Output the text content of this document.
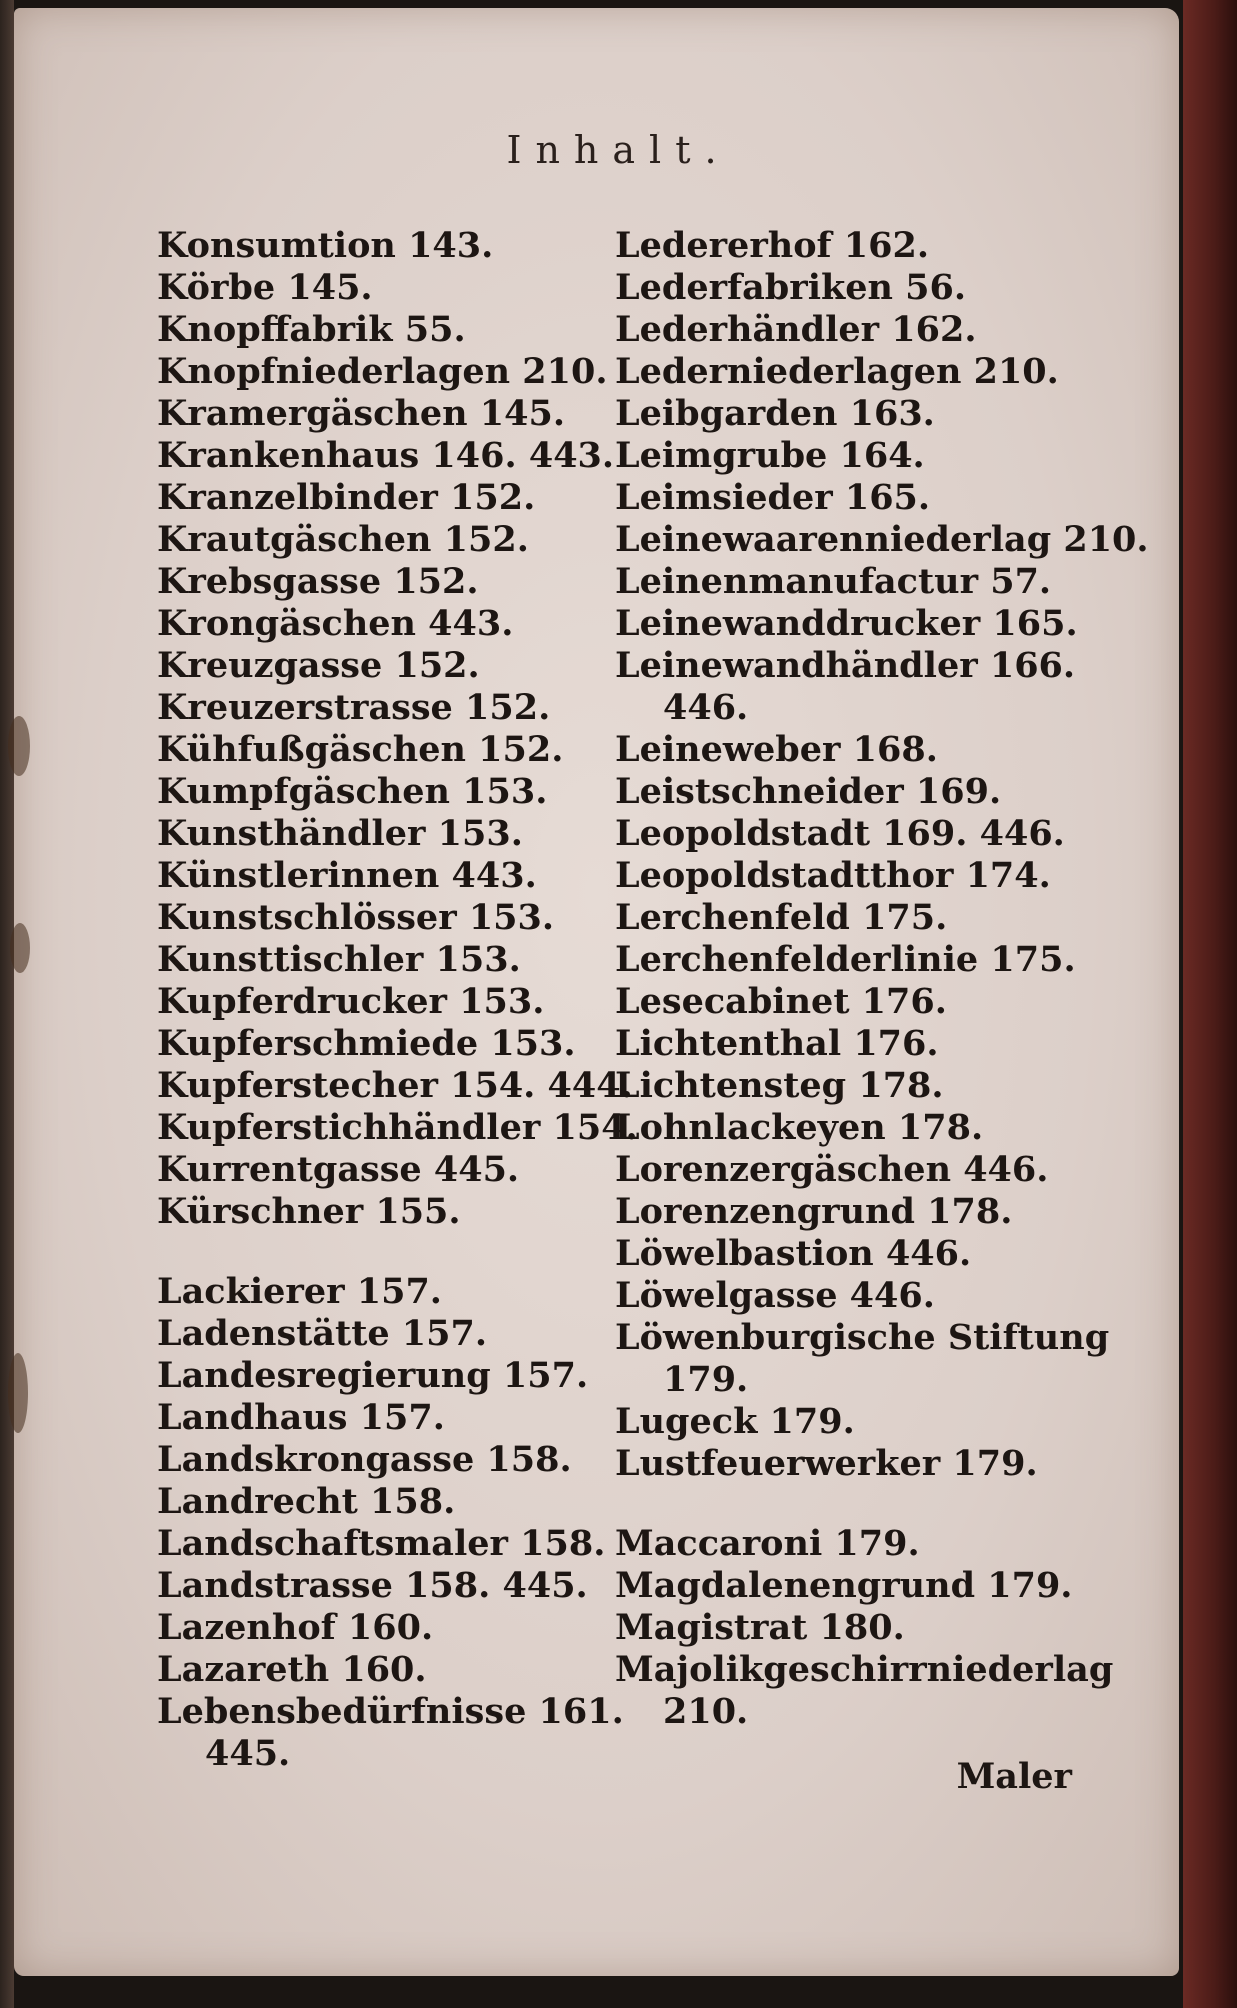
Inhalt.
Konsumtion 143.
Körbe 145.
Knopffabrik 55.
Knopfniederlagen 210.
Kramergäschen 145.
Krankenhaus 146. 443.
Kranzelbinder 152.
Krautgäschen 152.
Krebsgasse 152.
Krongäschen 443.
Kreuzgasse 152.
Kreuzerstrasse 152.
Kühfußgäschen 152.
Kumpfgäschen 153.
Kunsthändler 153.
Künstlerinnen 443.
Kunstschlösser 153.
Kunsttischler 153.
Kupferdrucker 153.
Kupferschmiede 153.
Kupferstecher 154. 444.
Kupferstichhändler 154.
Kurrentgasse 445.
Kürschner 155.
Lackierer 157.
Ladenstätte 157.
Landesregierung 157.
Landhaus 157.
Landskrongasse 158.
Landrecht 158.
Landschaftsmaler 158.
Landstrasse 158. 445.
Lazenhof 160.
Lazareth 160.
Lebensbedürfnisse 161.
445.
Ledererhof 162.
Lederfabriken 56.
Lederhändler 162.
Lederniederlagen 210.
Leibgarden 163.
Leimgrube 164.
Leimsieder 165.
Leinewaarenniederlag 210.
Leinenmanufactur 57.
Leinewanddrucker 165.
Leinewandhändler 166.
446.
Leineweber 168.
Leistschneider 169.
Leopoldstadt 169. 446.
Leopoldstadtthor 174.
Lerchenfeld 175.
Lerchenfelderlinie 175.
Lesecabinet 176.
Lichtenthal 176.
Lichtensteg 178.
Lohnlackeyen 178.
Lorenzergäschen 446.
Lorenzengrund 178.
Löwelbastion 446.
Löwelgasse 446.
Löwenburgische Stiftung
179.
Lugeck 179.
Lustfeuerwerker 179.
Maccaroni 179.
Magdalenengrund 179.
Magistrat 180.
Majolikgeschirrniederlag
210.
Maler
